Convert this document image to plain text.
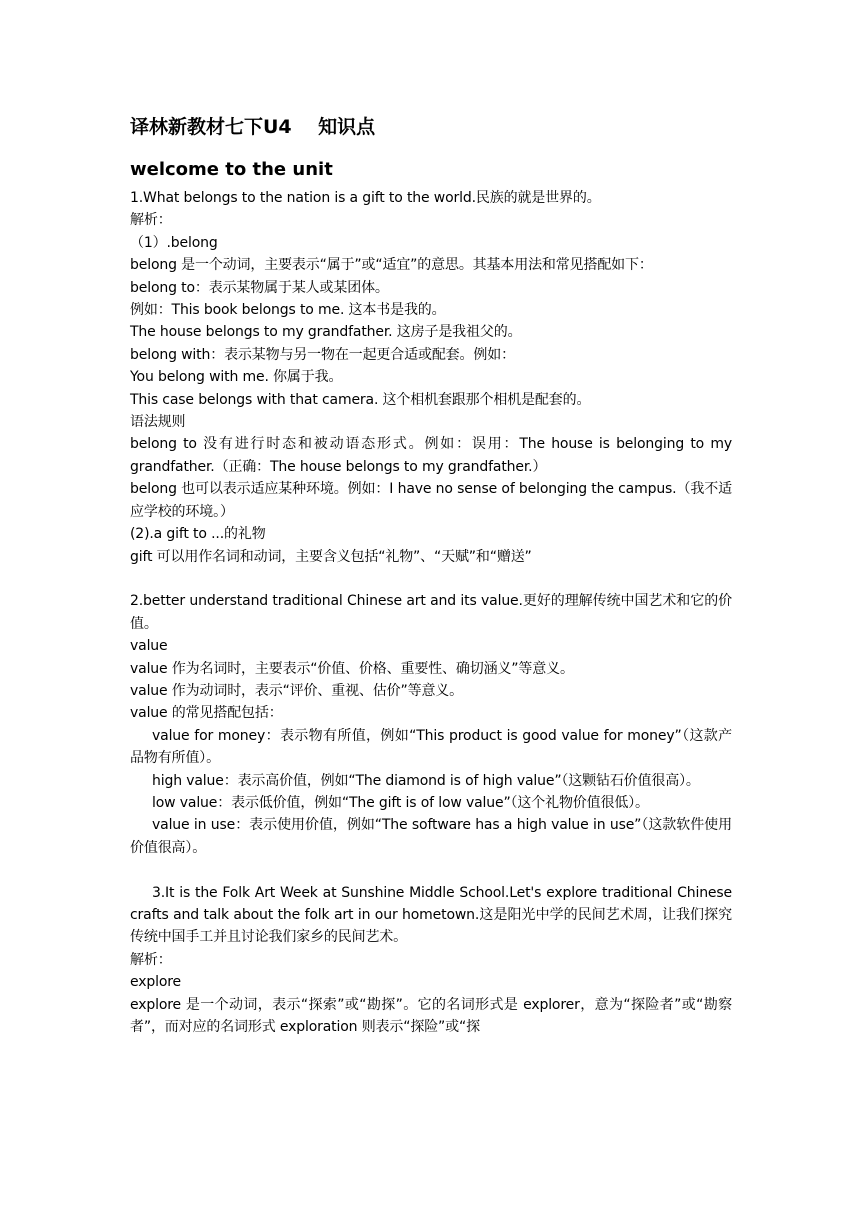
译林新教材七下U4    知识点
welcome to the unit

1.What belongs to the nation is a gift to the world.民族的就是世界的。

解析：

（1）.belong

belong 是一个动词，主要表示“属于”或“适宜”的意思。其基本用法和常见搭配如下：

belong to：表示某物属于某人或某团体。

例如：This book belongs to me. 这本书是我的。

The house belongs to my grandfather. 这房子是我祖父的。

belong with：表示某物与另一物在一起更合适或配套。例如：

You belong with me. 你属于我。

This case belongs with that camera. 这个相机套跟那个相机是配套的。

语法规则

belong to 没有进行时态和被动语态形式。例如：误用：The house is belonging to my grandfather.（正确：The house belongs to my grandfather.）

belong 也可以表示适应某种环境。例如：I have no sense of belonging the campus.（我不适应学校的环境。）

(2).a gift to ...的礼物

gift 可以用作名词和动词，主要含义包括“礼物”、“天赋”和“赠送”

2.better understand traditional Chinese art and its value.更好的理解传统中国艺术和它的价值。

value

value 作为名词时，主要表示“价值、价格、重要性、确切涵义”等意义。

value 作为动词时，表示“评价、重视、估价”等意义。

value 的常见搭配包括：

value for money：表示物有所值，例如“This product is good value for money”（这款产品物有所值）。

high value：表示高价值，例如“The diamond is of high value”（这颗钻石价值很高）。

low value：表示低价值，例如“The gift is of low value”（这个礼物价值很低）。

value in use：表示使用价值，例如“The software has a high value in use”（这款软件使用价值很高）。

3.It is the Folk Art Week at Sunshine Middle School.Let's explore traditional Chinese crafts and talk about the folk art in our hometown.这是阳光中学的民间艺术周，让我们探究传统中国手工并且讨论我们家乡的民间艺术。

解析：

explore

explore 是一个动词，表示“探索”或“勘探”。它的名词形式是 explorer，意为“探险者”或“勘察者”，而对应的名词形式 exploration 则表示“探险”或“探
